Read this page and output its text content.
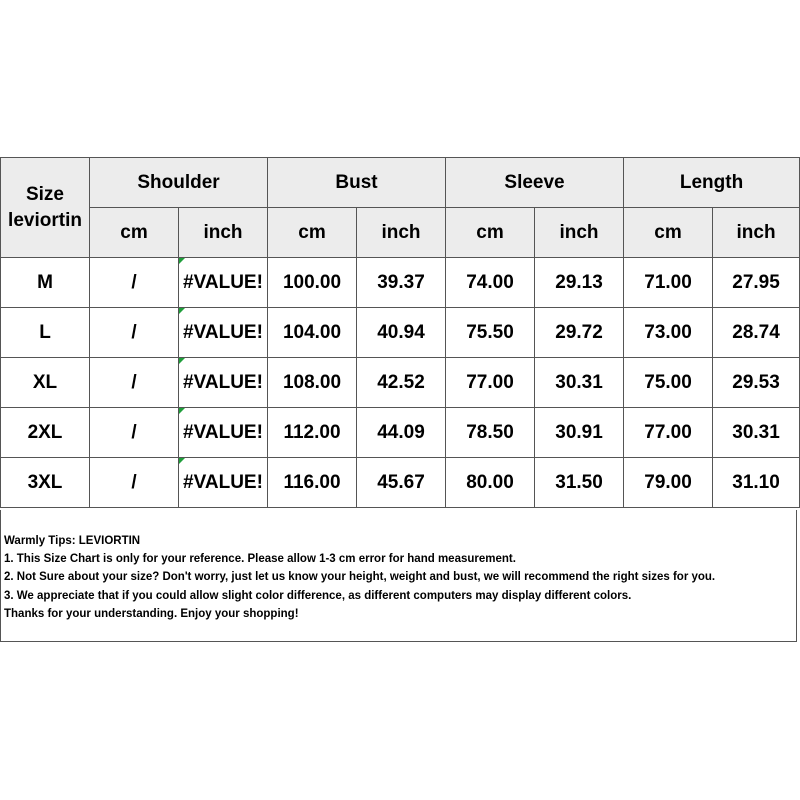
Size
leviortin	Shoulder		Bust		Sleeve		Length	
	cm	inch	cm	inch	cm	inch	cm	inch
M	/	#VALUE!	100.00	39.37	74.00	29.13	71.00	27.95
L	/	#VALUE!	104.00	40.94	75.50	29.72	73.00	28.74
XL	/	#VALUE!	108.00	42.52	77.00	30.31	75.00	29.53
2XL	/	#VALUE!	112.00	44.09	78.50	30.91	77.00	30.31
3XL	/	#VALUE!	116.00	45.67	80.00	31.50	79.00	31.10
Warmly Tips: LEVIORTIN
1. This Size Chart is only for your reference. Please allow 1-3 cm error for hand measurement.
2. Not Sure about your size? Don't worry, just let us know your height, weight and bust, we will recommend the right sizes for you.
3. We appreciate that if you could allow slight color difference, as different computers may display different colors.
Thanks for your understanding. Enjoy your shopping!
